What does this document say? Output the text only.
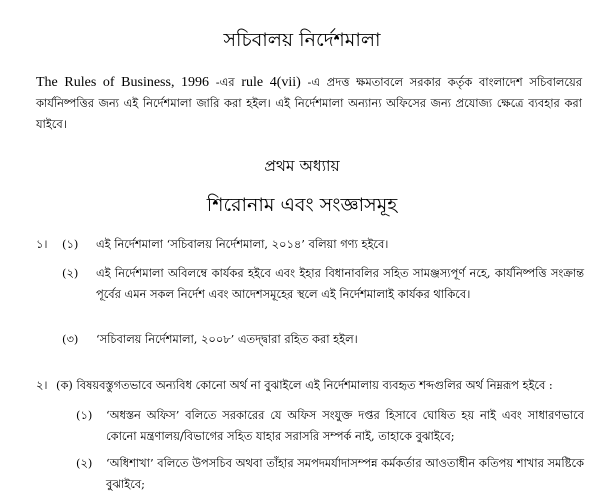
সচিবালয় নির্দেশমালা
The Rules of Business, 1996 -এর rule 4(vii) -এ প্রদত্ত ক্ষমতাবলে সরকার কর্তৃক বাংলাদেশ সচিবালয়ের কার্যনিষ্পত্তির জন্য এই নির্দেশমালা জারি করা হইল। এই নির্দেশমালা অন্যান্য অফিসের জন্য প্রযোজ্য ক্ষেত্রে ব্যবহার করা যাইবে।
প্রথম অধ্যায়
শিরোনাম এবং সংজ্ঞাসমূহ
১। (১) এই নির্দেশমালা ‘সচিবালয় নির্দেশমালা, ২০১৪’ বলিয়া গণ্য হইবে।
(২) এই নির্দেশমালা অবিলম্বে কার্যকর হইবে এবং ইহার বিধানাবলির সহিত সামঞ্জস্যপূর্ণ নহে, কার্যনিষ্পত্তি সংক্রান্ত পূর্বের এমন সকল নির্দেশ এবং আদেশসমূহের স্থলে এই নির্দেশমালাই কার্যকর থাকিবে।
(৩) ‘সচিবালয় নির্দেশমালা, ২০০৮’ এতদ্দ্বারা রহিত করা হইল।
২। (ক) বিষয়বস্তুগতভাবে অন্যবিধ কোনো অর্থ না বুঝাইলে এই নির্দেশমালায় ব্যবহৃত শব্দগুলির অর্থ নিম্নরূপ হইবে :
(১) ‘অধস্তন অফিস’ বলিতে সরকারের যে অফিস সংযুক্ত দপ্তর হিসাবে ঘোষিত হয় নাই এবং সাধারণভাবে কোনো মন্ত্রণালয়/বিভাগের সহিত যাহার সরাসরি সম্পর্ক নাই, তাহাকে বুঝাইবে;
(২) ‘অধিশাখা’ বলিতে উপসচিব অথবা তাঁহার সমপদমর্যাদাসম্পন্ন কর্মকর্তার আওতাধীন কতিপয় শাখার সমষ্টিকে বুঝাইবে;
